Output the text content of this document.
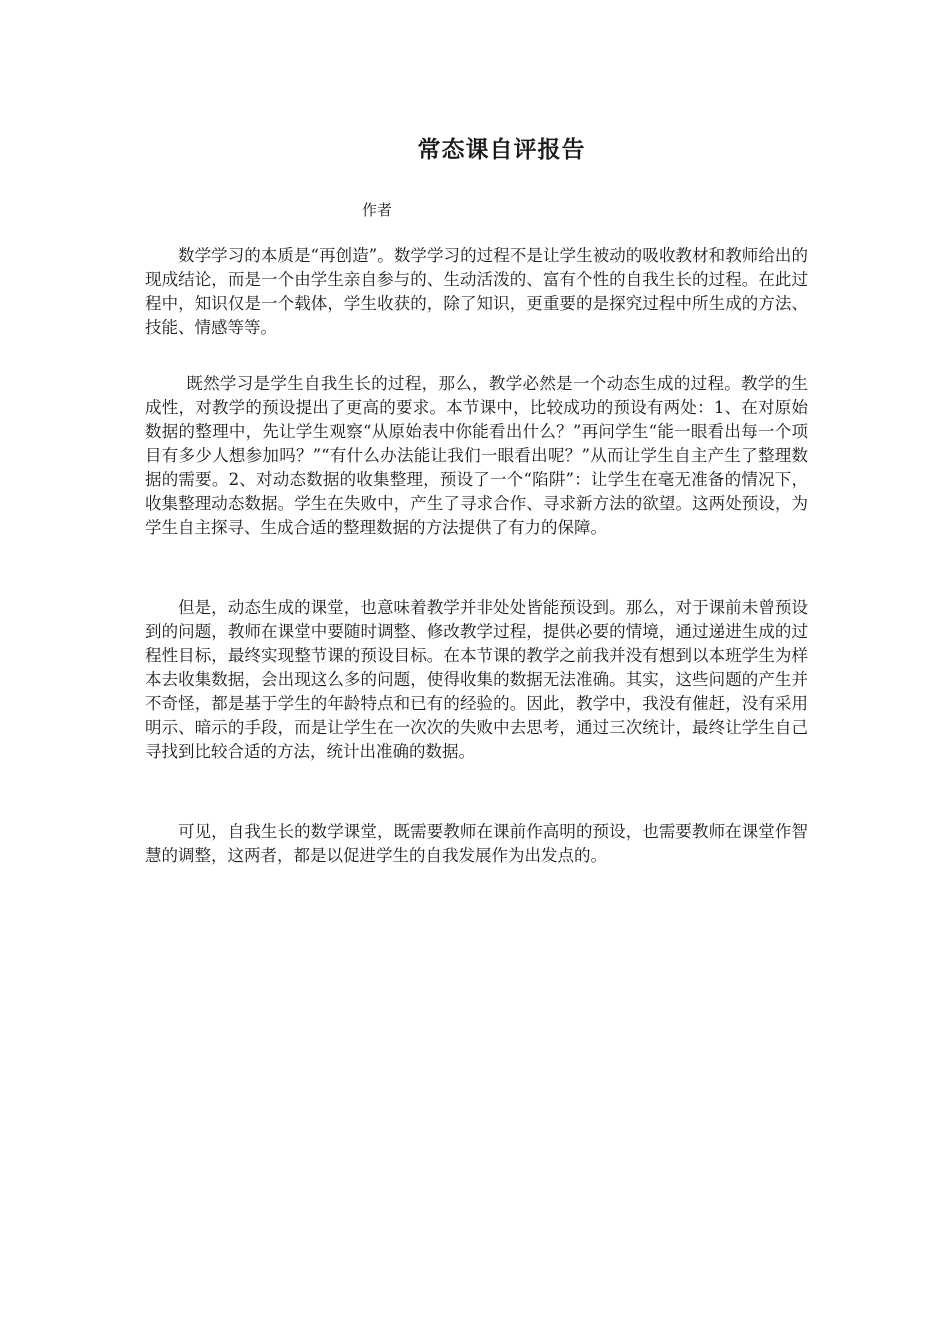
常态课自评报告
作者

数学学习的本质是“再创造”。数学学习的过程不是让学生被动的吸收教材和教师给出的现成结论，而是一个由学生亲自参与的、生动活泼的、富有个性的自我生长的过程。在此过程中，知识仅是一个载体，学生收获的，除了知识，更重要的是探究过程中所生成的方法、技能、情感等等。

既然学习是学生自我生长的过程，那么，教学必然是一个动态生成的过程。教学的生成性，对教学的预设提出了更高的要求。本节课中，比较成功的预设有两处：1、在对原始数据的整理中，先让学生观察“从原始表中你能看出什么？”再问学生“能一眼看出每一个项目有多少人想参加吗？”“有什么办法能让我们一眼看出呢？”从而让学生自主产生了整理数据的需要。2、对动态数据的收集整理，预设了一个“陷阱”：让学生在毫无准备的情况下，收集整理动态数据。学生在失败中，产生了寻求合作、寻求新方法的欲望。这两处预设，为学生自主探寻、生成合适的整理数据的方法提供了有力的保障。

但是，动态生成的课堂，也意味着教学并非处处皆能预设到。那么，对于课前未曾预设到的问题，教师在课堂中要随时调整、修改教学过程，提供必要的情境，通过递进生成的过程性目标，最终实现整节课的预设目标。在本节课的教学之前我并没有想到以本班学生为样本去收集数据，会出现这么多的问题，使得收集的数据无法准确。其实，这些问题的产生并不奇怪，都是基于学生的年龄特点和已有的经验的。因此，教学中，我没有催赶，没有采用明示、暗示的手段，而是让学生在一次次的失败中去思考，通过三次统计，最终让学生自己寻找到比较合适的方法，统计出准确的数据。

可见，自我生长的数学课堂，既需要教师在课前作高明的预设，也需要教师在课堂作智慧的调整，这两者，都是以促进学生的自我发展作为出发点的。
